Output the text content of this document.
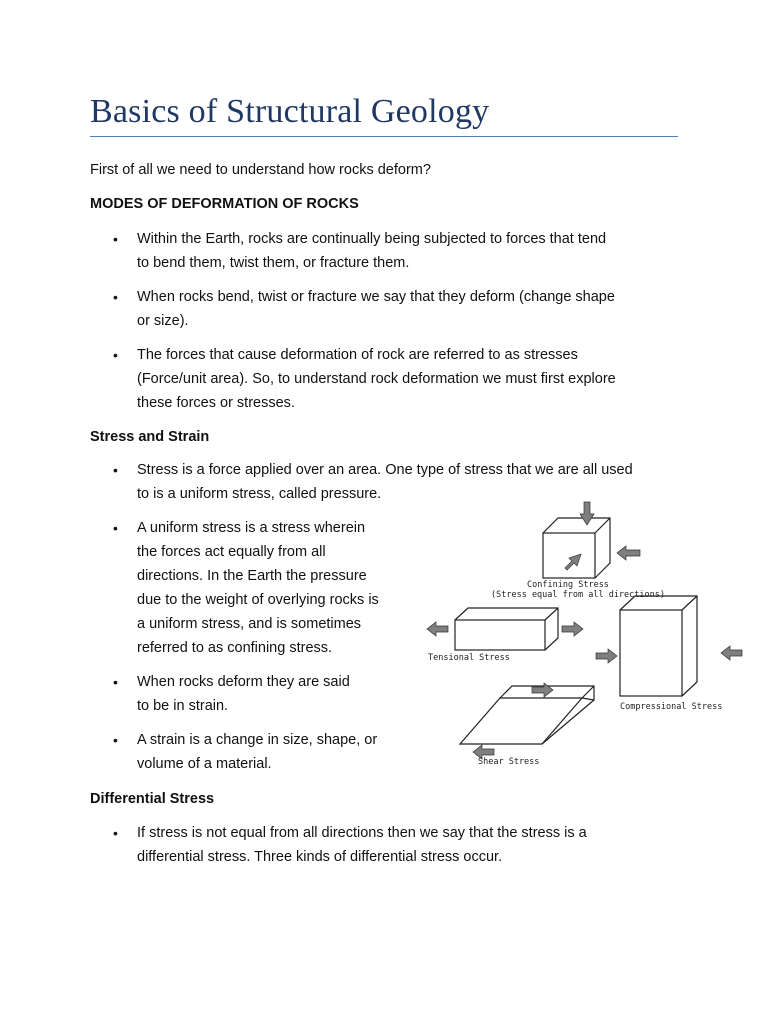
Basics of Structural Geology

First of all we need to understand how rocks deform?

MODES OF DEFORMATION OF ROCKS

• Within the Earth, rocks are continually being subjected to forces that tend
to bend them, twist them, or fracture them.
• When rocks bend, twist or fracture we say that they deform (change shape
or size).
• The forces that cause deformation of rock are referred to as stresses
(Force/unit area). So, to understand rock deformation we must first explore
these forces or stresses.

Stress and Strain

• Stress is a force applied over an area. One type of stress that we are all used
to is a uniform stress, called pressure.
• A uniform stress is a stress wherein
the forces act equally from all
directions. In the Earth the pressure
due to the weight of overlying rocks is
a uniform stress, and is sometimes
referred to as confining stress.
• When rocks deform they are said
to be in strain.
• A strain is a change in size, shape, or
volume of a material.
Confining Stress
(Stress equal from all directions)
Tensional Stress
Compressional Stress
Shear Stress

Differential Stress

• If stress is not equal from all directions then we say that the stress is a
differential stress. Three kinds of differential stress occur.
